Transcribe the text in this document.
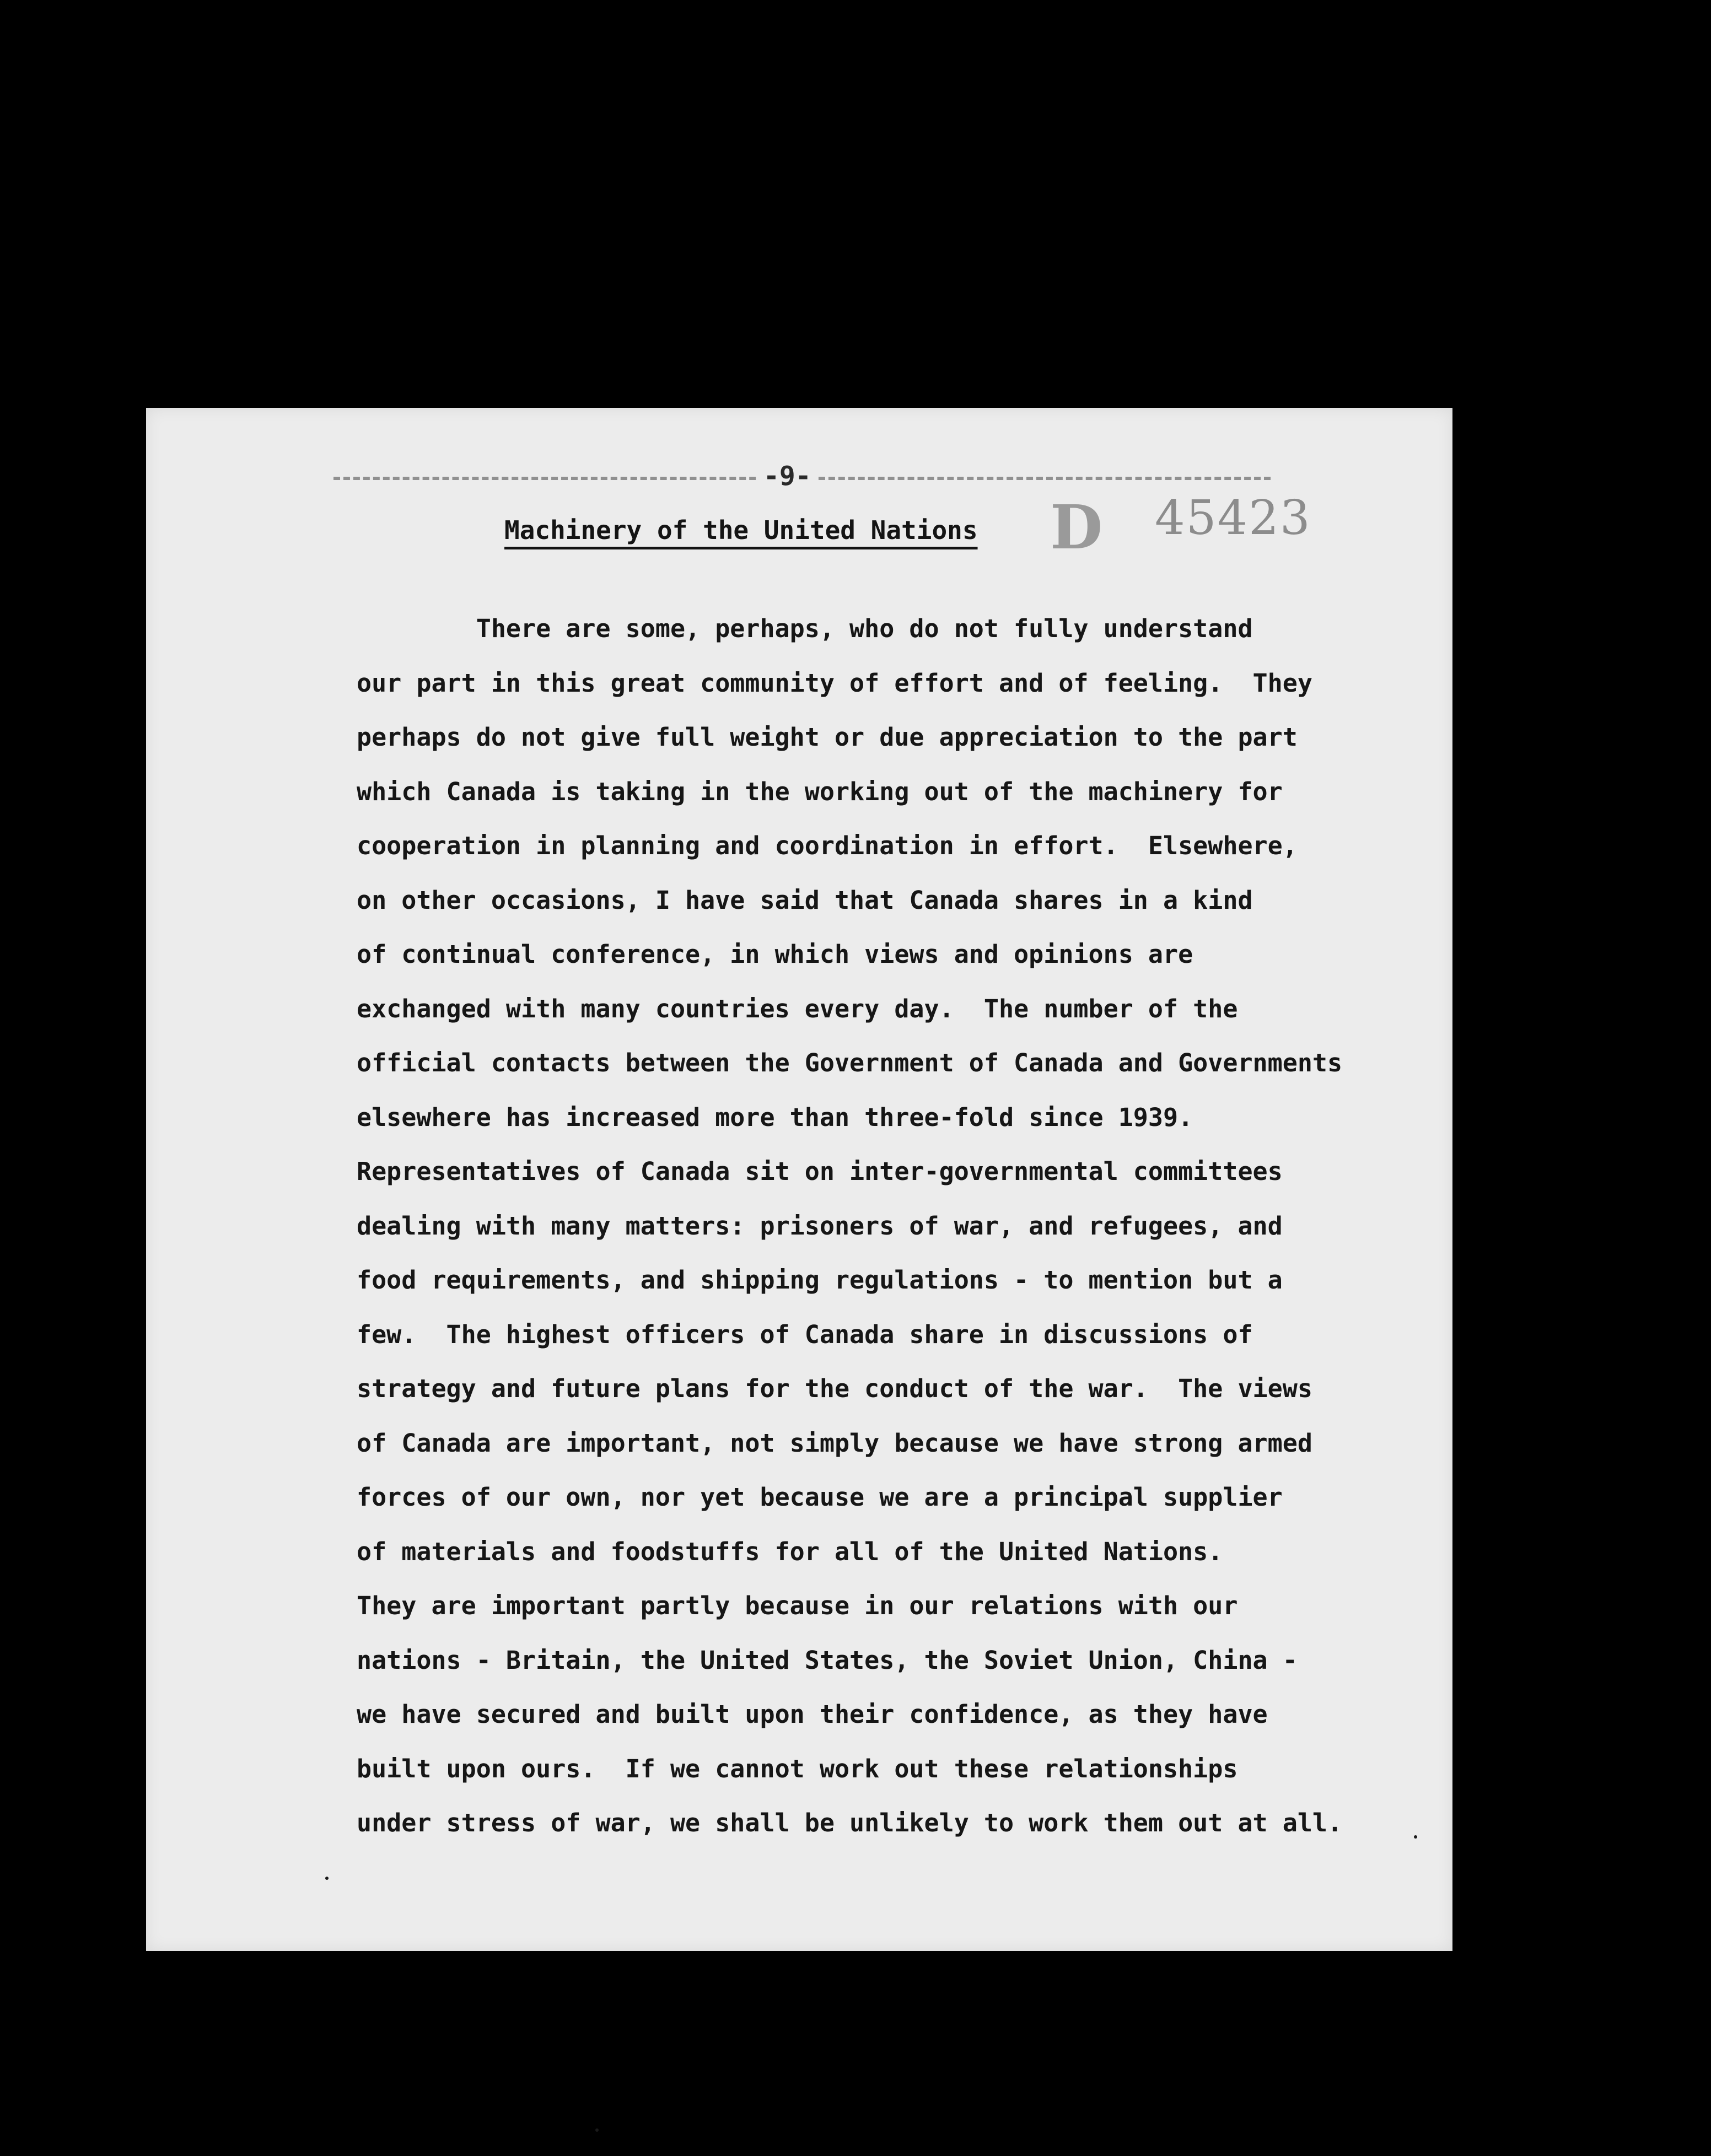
-9-
Machinery of the United Nations D 45423
There are some, perhaps, who do not fully understand
our part in this great community of effort and of feeling.  They
perhaps do not give full weight or due appreciation to the part
which Canada is taking in the working out of the machinery for
cooperation in planning and coordination in effort.  Elsewhere,
on other occasions, I have said that Canada shares in a kind
of continual conference, in which views and opinions are
exchanged with many countries every day.  The number of the
official contacts between the Government of Canada and Governments
elsewhere has increased more than three-fold since 1939.
Representatives of Canada sit on inter-governmental committees
dealing with many matters: prisoners of war, and refugees, and
food requirements, and shipping regulations - to mention but a
few.  The highest officers of Canada share in discussions of
strategy and future plans for the conduct of the war.  The views
of Canada are important, not simply because we have strong armed
forces of our own, nor yet because we are a principal supplier
of materials and foodstuffs for all of the United Nations.
They are important partly because in our relations with our
nations - Britain, the United States, the Soviet Union, China -
we have secured and built upon their confidence, as they have
built upon ours.  If we cannot work out these relationships
under stress of war, we shall be unlikely to work them out at all.
